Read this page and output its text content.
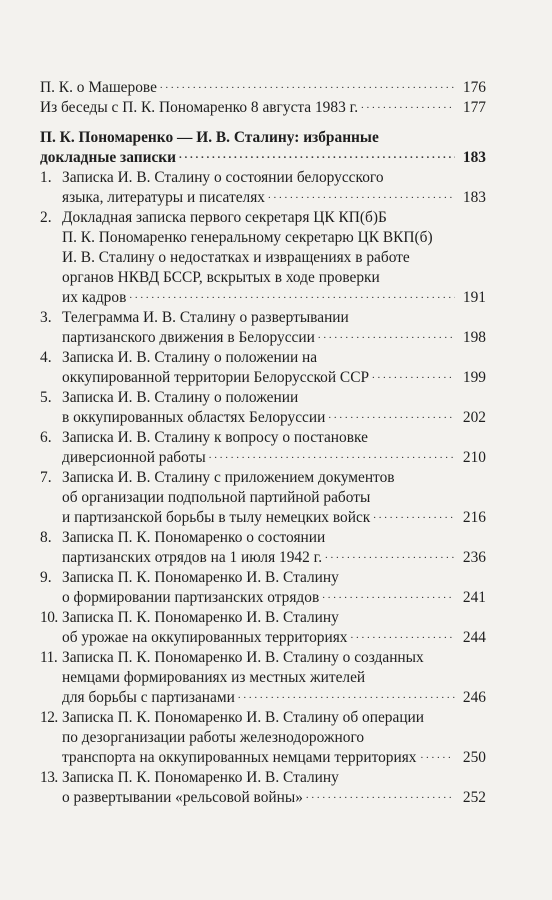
П. К. о Машерове . . .	176
Из беседы с П. К. Пономаренко 8 августа 1983 г. . . .	177
П. К. Пономаренко — И. В. Сталину: избранные
докладные записки . . .	183
1. Записка И. В. Сталину о состоянии белорусского
языка, литературы и писателях . . .	183
2. Докладная записка первого секретаря ЦК КП(б)Б
П. К. Пономаренко генеральному секретарю ЦК ВКП(б)
И. В. Сталину о недостатках и извращениях в работе
органов НКВД БССР, вскрытых в ходе проверки
их кадров . . .	191
3. Телеграмма И. В. Сталину о развертывании
партизанского движения в Белоруссии . . .	198
4. Записка И. В. Сталину о положении на
оккупированной территории Белорусской ССР . . .	199
5. Записка И. В. Сталину о положении
в оккупированных областях Белоруссии . . .	202
6. Записка И. В. Сталину к вопросу о постановке
диверсионной работы . . .	210
7. Записка И. В. Сталину с приложением документов
об организации подпольной партийной работы
и партизанской борьбы в тылу немецких войск . . .	216
8. Записка П. К. Пономаренко о состоянии
партизанских отрядов на 1 июля 1942 г. . . .	236
9. Записка П. К. Пономаренко И. В. Сталину
о формировании партизанских отрядов . . .	241
10. Записка П. К. Пономаренко И. В. Сталину
об урожае на оккупированных территориях . . .	244
11. Записка П. К. Пономаренко И. В. Сталину о созданных
немцами формированиях из местных жителей
для борьбы с партизанами . . .	246
12. Записка П. К. Пономаренко И. В. Сталину об операции
по дезорганизации работы железнодорожного
транспорта на оккупированных немцами территориях . . .	250
13. Записка П. К. Пономаренко И. В. Сталину
о развертывании «рельсовой войны» . . .	252
